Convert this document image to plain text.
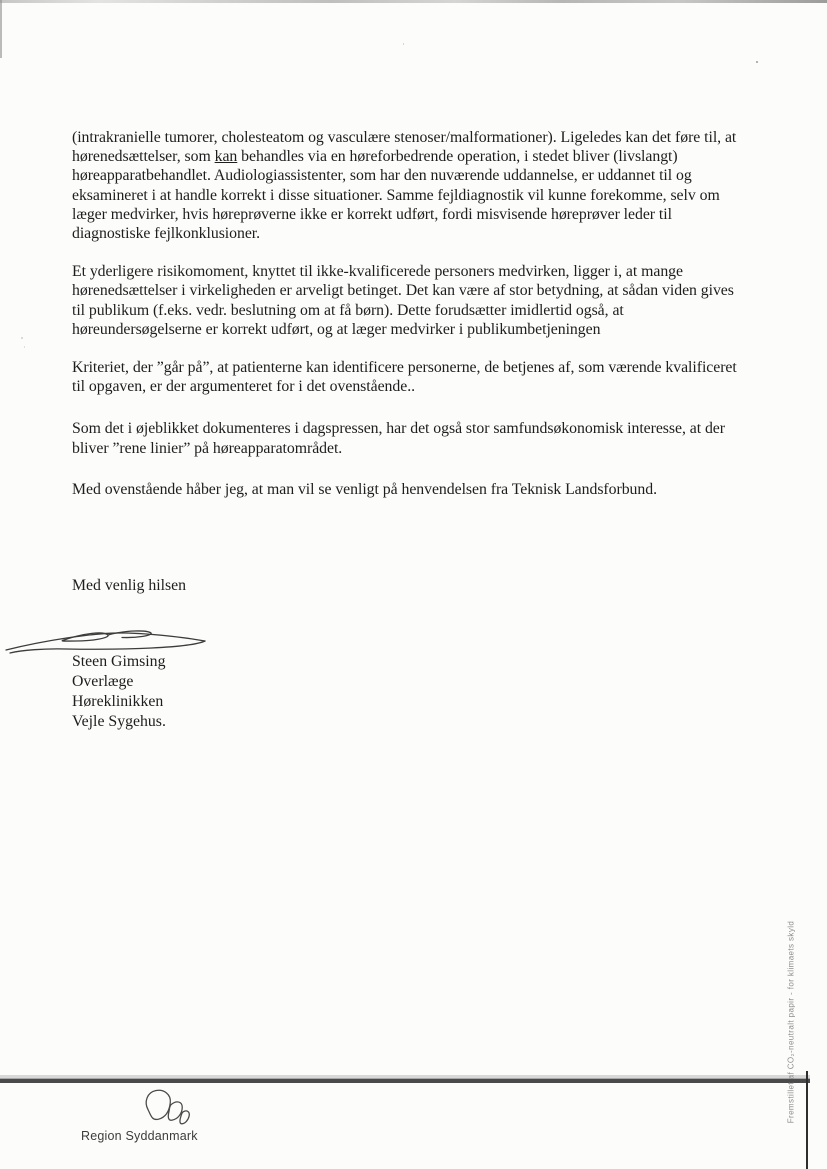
(intrakranielle tumorer, cholesteatom og vasculære stenoser/malformationer). Ligeledes kan det føre til, at hørenedsættelser, som kan behandles via en høreforbedrende operation, i stedet bliver (livslangt) høreapparatbehandlet. Audiologiassistenter, som har den nuværende uddannelse, er uddannet til og eksamineret i at handle korrekt i disse situationer. Samme fejldiagnostik vil kunne forekomme, selv om læger medvirker, hvis høreprøverne ikke er korrekt udført, fordi misvisende høreprøver leder til diagnostiske fejlkonklusioner.

Et yderligere risikomoment, knyttet til ikke-kvalificerede personers medvirken, ligger i, at mange hørenedsættelser i virkeligheden er arveligt betinget. Det kan være af stor betydning, at sådan viden gives til publikum (f.eks. vedr. beslutning om at få børn). Dette forudsætter imidlertid også, at høreundersøgelserne er korrekt udført, og at læger medvirker i publikumbetjeningen

Kriteriet, der ”går på”, at patienterne kan identificere personerne, de betjenes af, som værende kvalificeret til opgaven, er der argumenteret for i det ovenstående..

Som det i øjeblikket dokumenteres i dagspressen, har det også stor samfundsøkonomisk interesse, at der bliver ”rene linier” på høreapparatområdet.

Med ovenstående håber jeg, at man vil se venligt på henvendelsen fra Teknisk Landsforbund.

Med venlig hilsen
Steen Gimsing
Overlæge
Høreklinikken
Vejle Sygehus.
Fremstillet af CO₂-neutralt papir - for klimaets skyld
Region Syddanmark
